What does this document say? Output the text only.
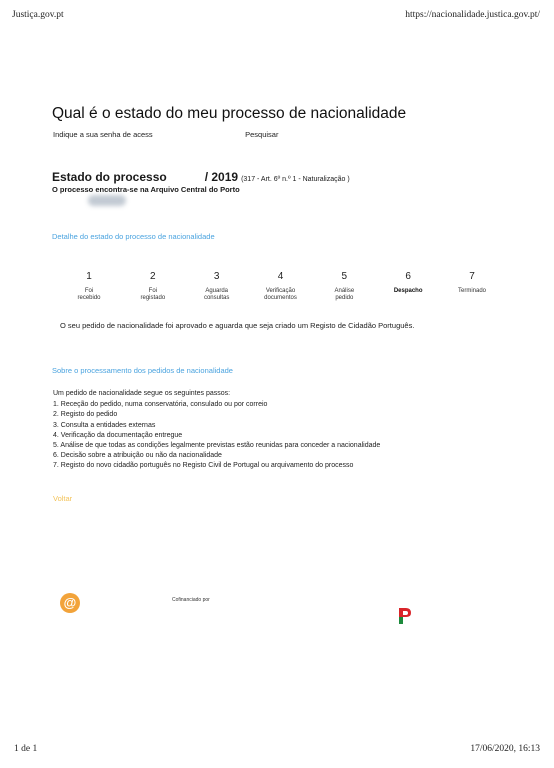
Justiça.gov.pt	https://nacionalidade.justica.gov.pt/
Qual é o estado do meu processo de nacionalidade
Indique a sua senha de acess	Pesquisar
Estado do processo	/ 2019 (317 - Art. 6º n.º 1 - Naturalização )
O processo encontra-se na Arquivo Central do Porto
Detalhe do estado do processo de nacionalidade
1
Foi
recebido
2
Foi
registado
3
Aguarda
consultas
4
Verificação
documentos
5
Análise
pedido
6
Despacho
7
Terminado
O seu pedido de nacionalidade foi aprovado e aguarda que seja criado um Registo de Cidadão Português.
Sobre o processamento dos pedidos de nacionalidade
Um pedido de nacionalidade segue os seguintes passos:
1. Receção do pedido, numa conservatória, consulado ou por correio
2. Registo do pedido
3. Consulta a entidades externas
4. Verificação da documentação entregue
5. Análise de que todas as condições legalmente previstas estão reunidas para conceder a nacionalidade
6. Decisão sobre a atribuição ou não da nacionalidade
7. Registo do novo cidadão português no Registo Civil de Portugal ou arquivamento do processo
Voltar
@	Cofinanciado por
1 de 1	17/06/2020, 16:13
